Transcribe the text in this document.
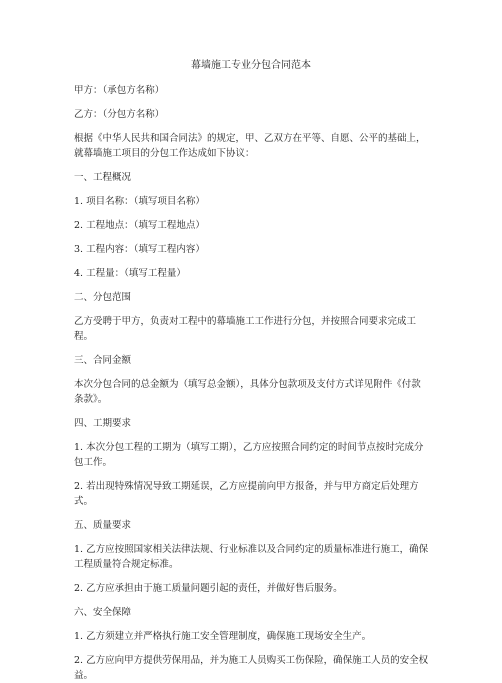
幕墙施工专业分包合同范本

甲方：（承包方名称）

乙方：（分包方名称）

根据《中华人民共和国合同法》的规定，甲、乙双方在平等、自愿、公平的基础上，就幕墙施工项目的分包工作达成如下协议：

一、工程概况

1. 项目名称：（填写项目名称）

2. 工程地点：（填写工程地点）

3. 工程内容：（填写工程内容）

4. 工程量：（填写工程量）

二、分包范围

乙方受聘于甲方，负责对工程中的幕墙施工工作进行分包，并按照合同要求完成工程。

三、合同金额

本次分包合同的总金额为（填写总金额），具体分包款项及支付方式详见附件《付款条款》。

四、工期要求

1. 本次分包工程的工期为（填写工期），乙方应按照合同约定的时间节点按时完成分包工作。

2. 若出现特殊情况导致工期延误，乙方应提前向甲方报备，并与甲方商定后处理方式。

五、质量要求

1. 乙方应按照国家相关法律法规、行业标准以及合同约定的质量标准进行施工，确保工程质量符合规定标准。

2. 乙方应承担由于施工质量问题引起的责任，并做好售后服务。

六、安全保障

1. 乙方须建立并严格执行施工安全管理制度，确保施工现场安全生产。

2. 乙方应向甲方提供劳保用品，并为施工人员购买工伤保险，确保施工人员的安全权益。
